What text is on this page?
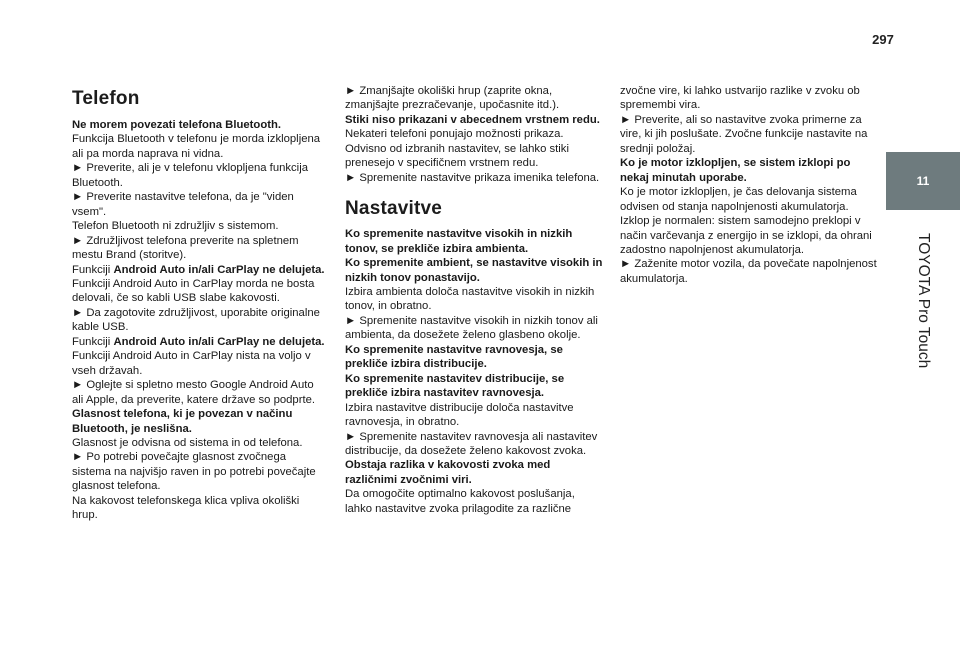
297
11
TOYOTA Pro Touch
Telefon

Ne morem povezati telefona Bluetooth.

Funkcija Bluetooth v telefonu je morda izklopljena ali pa morda naprava ni vidna.

► Preverite, ali je v telefonu vklopljena funkcija Bluetooth.

► Preverite nastavitve telefona, da je "viden vsem".

Telefon Bluetooth ni združljiv s sistemom.

► Združljivost telefona preverite na spletnem mestu Brand (storitve).

Funkciji Android Auto in/ali CarPlay ne delujeta.

Funkciji Android Auto in CarPlay morda ne bosta delovali, če so kabli USB slabe kakovosti.

► Da zagotovite združljivost, uporabite originalne kable USB.

Funkciji Android Auto in/ali CarPlay ne delujeta.

Funkciji Android Auto in CarPlay nista na voljo v vseh državah.

► Oglejte si spletno mesto Google Android Auto ali Apple, da preverite, katere države so podprte.

Glasnost telefona, ki je povezan v načinu Bluetooth, je neslišna.

Glasnost je odvisna od sistema in od telefona.

► Po potrebi povečajte glasnost zvočnega sistema na najvišjo raven in po potrebi povečajte glasnost telefona.

Na kakovost telefonskega klica vpliva okoliški hrup.

► Zmanjšajte okoliški hrup (zaprite okna, zmanjšajte prezračevanje, upočasnite itd.).

Stiki niso prikazani v abecednem vrstnem redu.

Nekateri telefoni ponujajo možnosti prikaza. Odvisno od izbranih nastavitev, se lahko stiki prenesejo v specifičnem vrstnem redu.

► Spremenite nastavitve prikaza imenika telefona.

Nastavitve

Ko spremenite nastavitve visokih in nizkih tonov, se prekliče izbira ambienta.

Ko spremenite ambient, se nastavitve visokih in nizkih tonov ponastavijo.

Izbira ambienta določa nastavitve visokih in nizkih tonov, in obratno.

► Spremenite nastavitve visokih in nizkih tonov ali ambienta, da dosežete želeno glasbeno okolje.

Ko spremenite nastavitve ravnovesja, se prekliče izbira distribucije.

Ko spremenite nastavitev distribucije, se prekliče izbira nastavitev ravnovesja.

Izbira nastavitve distribucije določa nastavitve ravnovesja, in obratno.

► Spremenite nastavitev ravnovesja ali nastavitev distribucije, da dosežete želeno kakovost zvoka.

Obstaja razlika v kakovosti zvoka med različnimi zvočnimi viri.

Da omogočite optimalno kakovost poslušanja, lahko nastavitve zvoka prilagodite za različne

zvočne vire, ki lahko ustvarijo razlike v zvoku ob spremembi vira.

► Preverite, ali so nastavitve zvoka primerne za vire, ki jih poslušate. Zvočne funkcije nastavite na srednji položaj.

Ko je motor izklopljen, se sistem izklopi po nekaj minutah uporabe.

Ko je motor izklopljen, je čas delovanja sistema odvisen od stanja napolnjenosti akumulatorja.

Izklop je normalen: sistem samodejno preklopi v način varčevanja z energijo in se izklopi, da ohrani zadostno napolnjenost akumulatorja.

► Zaženite motor vozila, da povečate napolnjenost akumulatorja.
